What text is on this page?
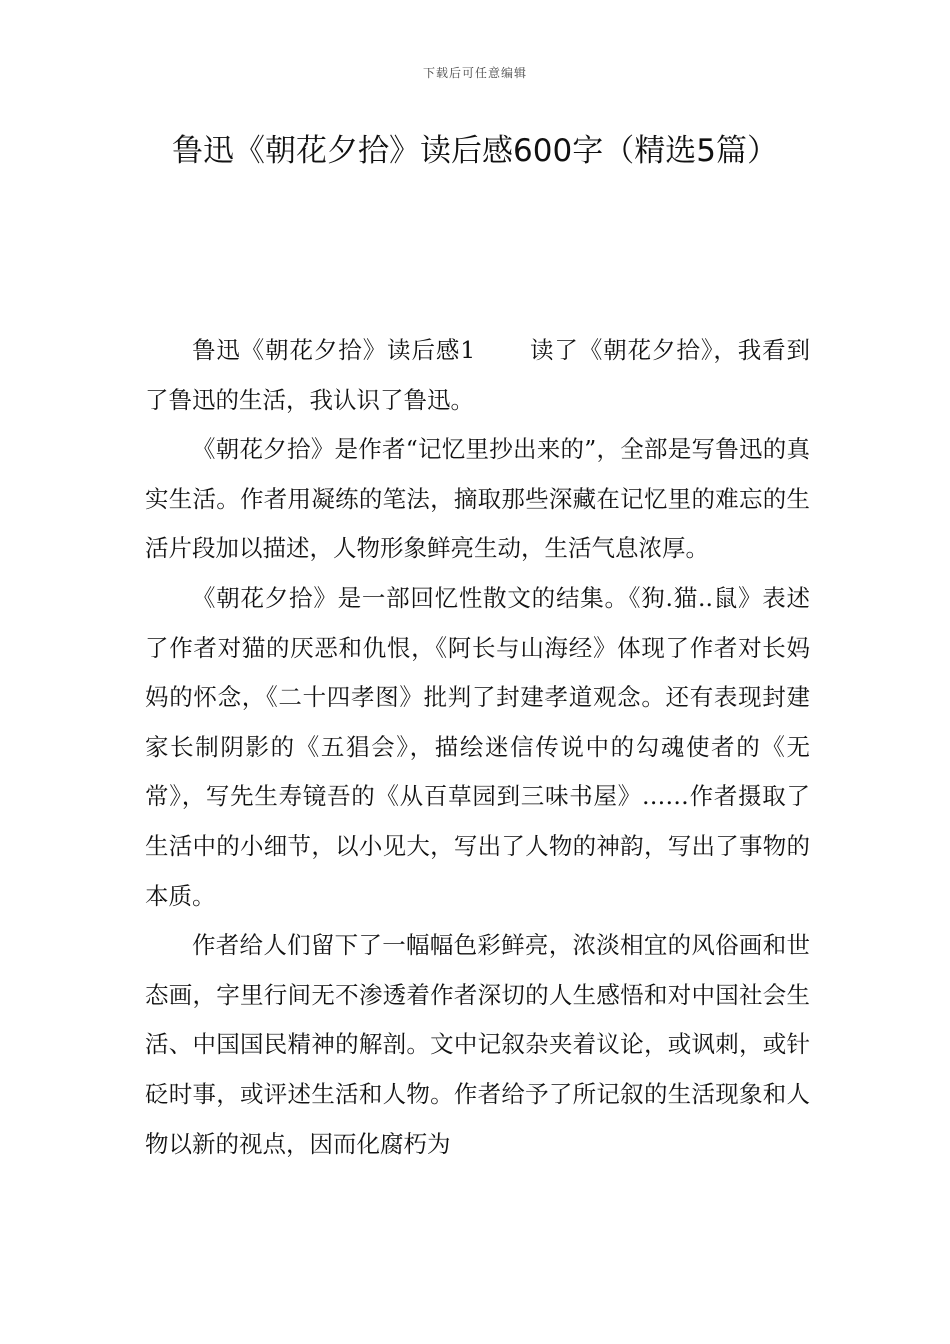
下载后可任意编辑
鲁迅《朝花夕拾》读后感600字（精选5篇）

鲁迅《朝花夕拾》读后感1 读了《朝花夕拾》，我看到了鲁迅的生活，我认识了鲁迅。

《朝花夕拾》是作者“记忆里抄出来的”，全部是写鲁迅的真实生活。作者用凝练的笔法，摘取那些深藏在记忆里的难忘的生活片段加以描述，人物形象鲜亮生动，生活气息浓厚。

《朝花夕拾》是一部回忆性散文的结集。《狗.猫..鼠》表述了作者对猫的厌恶和仇恨，《阿长与山海经》体现了作者对长妈妈的怀念，《二十四孝图》批判了封建孝道观念。还有表现封建家长制阴影的《五猖会》，描绘迷信传说中的勾魂使者的《无常》，写先生寿镜吾的《从百草园到三味书屋》……作者摄取了生活中的小细节，以小见大，写出了人物的神韵，写出了事物的本质。

作者给人们留下了一幅幅色彩鲜亮，浓淡相宜的风俗画和世态画，字里行间无不渗透着作者深切的人生感悟和对中国社会生活、中国国民精神的解剖。文中记叙杂夹着议论，或讽刺，或针砭时事，或评述生活和人物。作者给予了所记叙的生活现象和人物以新的视点，因而化腐朽为
